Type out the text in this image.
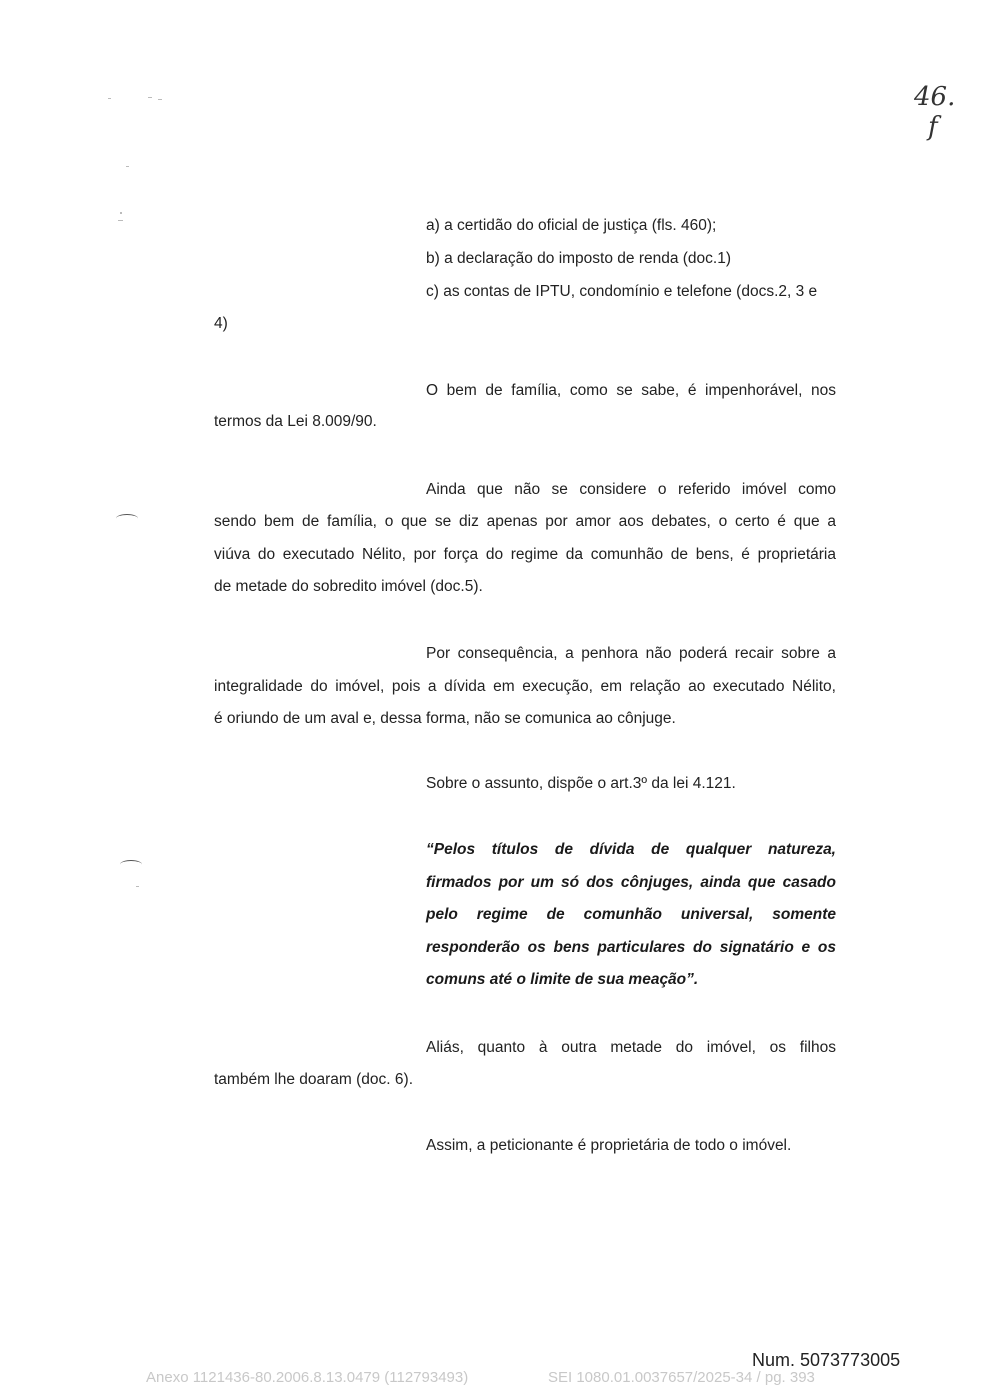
46.
f
a) a certidão do oficial de justiça (fls. 460);
b) a declaração do imposto de renda (doc.1)
c) as contas de IPTU, condomínio e telefone (docs.2, 3 e
4)
O bem de família, como se sabe, é impenhorável, nos
termos da Lei 8.009/90.
Ainda que não se considere o referido imóvel como
sendo bem de família, o que se diz apenas por amor aos debates, o certo é que a
viúva do executado Nélito, por força do regime da comunhão de bens, é proprietária
de metade do sobredito imóvel (doc.5).
Por consequência, a penhora não poderá recair sobre a
integralidade do imóvel, pois a dívida em execução, em relação ao executado Nélito,
é oriundo de um aval e, dessa forma, não se comunica ao cônjuge.
Sobre o assunto, dispõe o art.3º da lei 4.121.
“Pelos títulos de dívida de qualquer natureza,
firmados por um só dos cônjuges, ainda que casado
pelo regime de comunhão universal, somente
responderão os bens particulares do signatário e os
comuns até o limite de sua meação”.
Aliás, quanto à outra metade do imóvel, os filhos
também lhe doaram (doc. 6).
Assim, a peticionante é proprietária de todo o imóvel.
Num. 5073773005
Anexo 1121436-80.2006.8.13.0479 (112793493)	SEI 1080.01.0037657/2025-34 / pg. 393
